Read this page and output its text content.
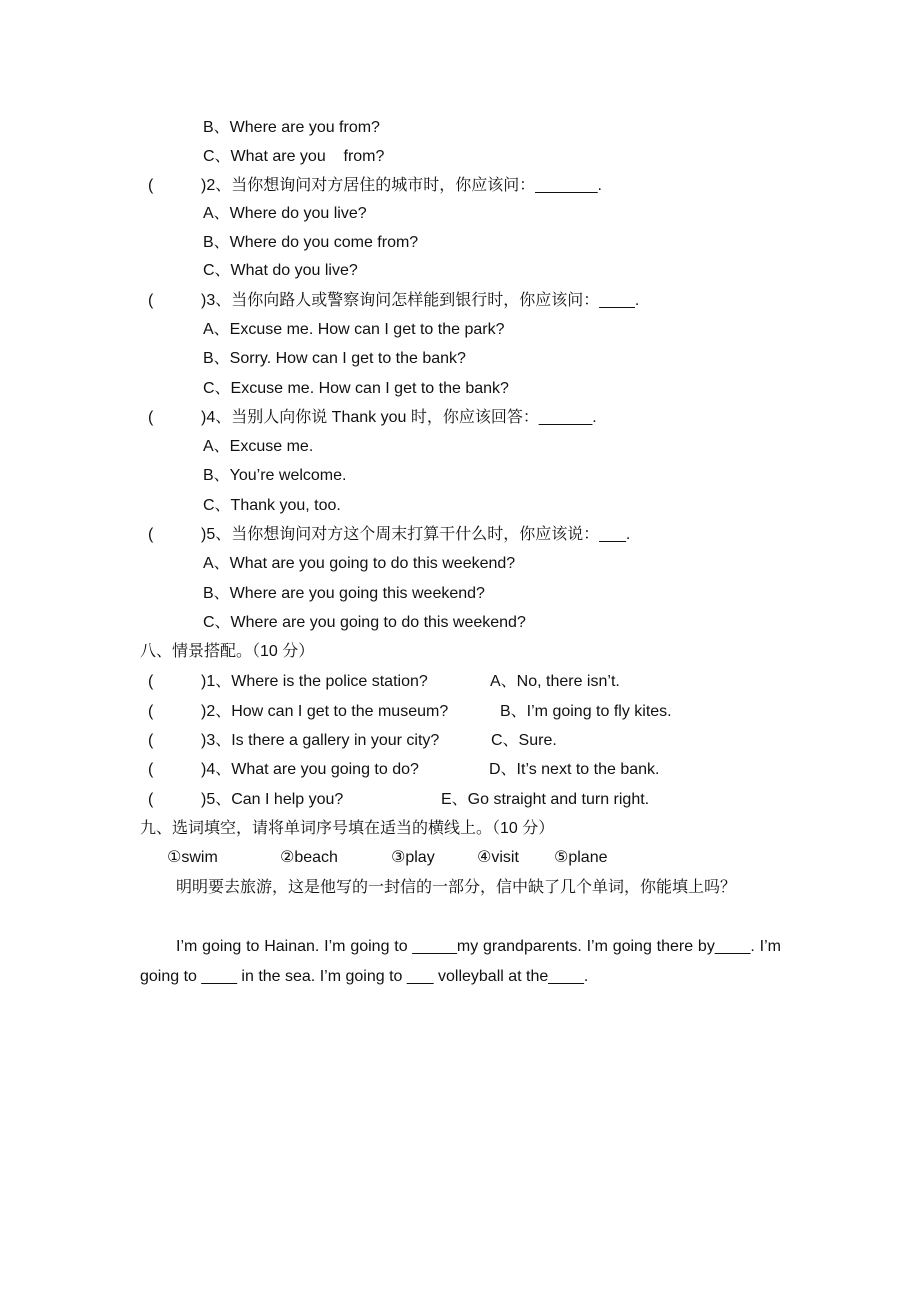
B、Where are you from?
C、What are you    from?
(	)2、当你想询问对方居住的城市时，你应该问：_______.
A、Where do you live?
B、Where do you come from?
C、What do you live?
(	)3、当你向路人或警察询问怎样能到银行时，你应该问：____.
A、Excuse me. How can I get to the park?
B、Sorry. How can I get to the bank?
C、Excuse me. How can I get to the bank?
(	)4、当别人向你说 Thank you 时，你应该回答：______.
A、Excuse me.
B、You’re welcome.
C、Thank you, too.
(	)5、当你想询问对方这个周末打算干什么时，你应该说：___.
A、What are you going to do this weekend?
B、Where are you going this weekend?
C、Where are you going to do this weekend?
八、情景搭配。（10 分）
(	)1、Where is the police station?	A、No, there isn’t.
(	)2、How can I get to the museum?	B、I’m going to fly kites.
(	)3、Is there a gallery in your city?	C、Sure.
(	)4、What are you going to do?	D、It’s next to the bank.
(	)5、Can I help you?	E、Go straight and turn right.
九、选词填空，请将单词序号填在适当的横线上。（10 分）
①swim	②beach	③play	④visit ⑤plane
明明要去旅游，这是他写的一封信的一部分，信中缺了几个单词，你能填上吗？
I’m going to Hainan. I’m going to _____my grandparents. I’m going there by____. I’m going to ____ in the sea. I’m going to ___ volleyball at the____.
